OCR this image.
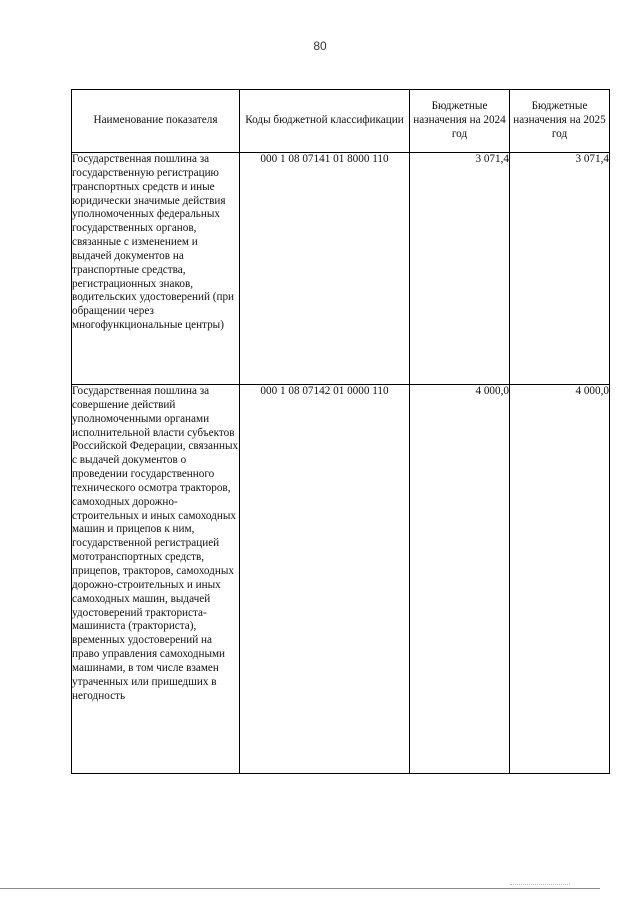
80
Наименование показателя	Коды бюджетной классификации	Бюджетные назначения на 2024 год	Бюджетные назначения на 2025 год
Государственная пошлина за государственную регистрацию транспортных средств и иные юридически значимые действия уполномоченных федеральных государственных органов, связанные с изменением и выдачей документов на транспортные средства, регистрационных знаков, водительских удостоверений (при обращении через многофункциональные центры)	000 1 08 07141 01 8000 110	3 071,4	3 071,4
Государственная пошлина за совершение действий уполномоченными органами исполнительной власти субъектов Российской Федерации, связанных с выдачей документов о проведении государственного технического осмотра тракторов, самоходных дорожно-строительных и иных самоходных машин и прицепов к ним, государственной регистрацией мототранспортных средств, прицепов, тракторов, самоходных дорожно-строительных и иных самоходных машин, выдачей удостоверений тракториста-машиниста (тракториста), временных удостоверений на право управления самоходными машинами, в том числе взамен утраченных или пришедших в негодность	000 1 08 07142 01 0000 110	4 000,0	4 000,0
